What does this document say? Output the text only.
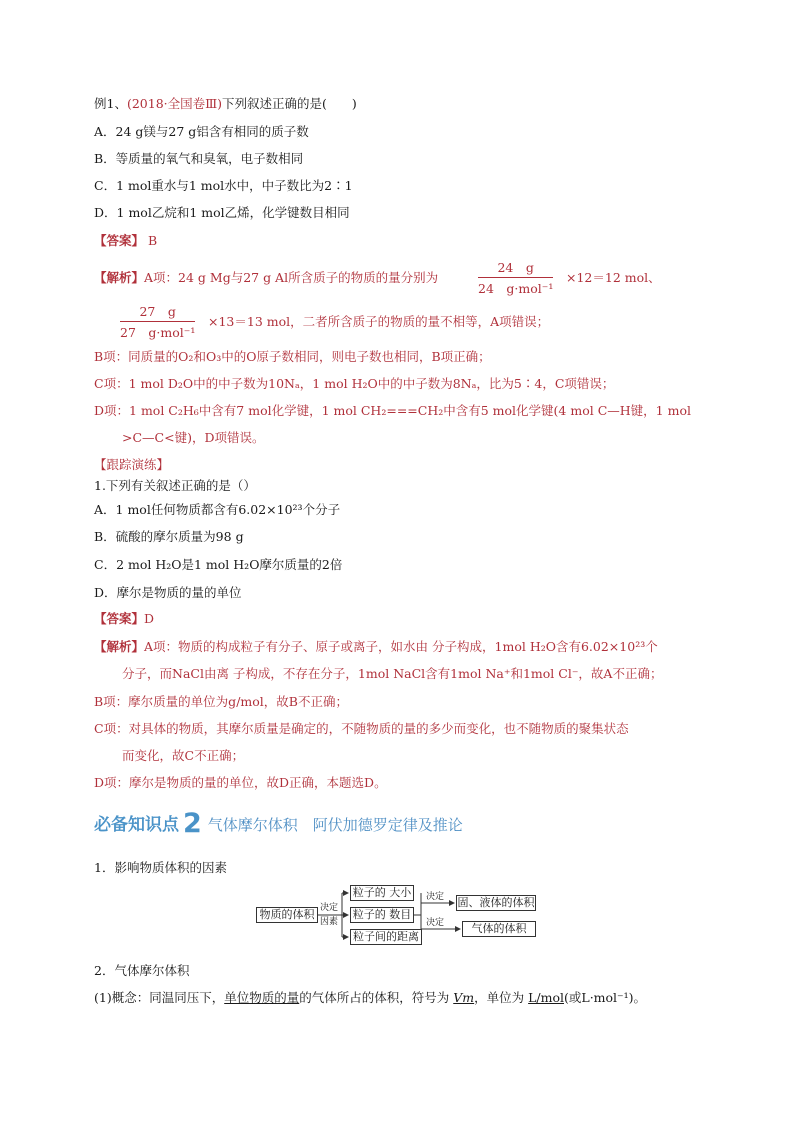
例1、(2018·全国卷Ⅲ)下列叙述正确的是(　　)
A．24 g镁与27 g铝含有相同的质子数
B．等质量的氧气和臭氧，电子数相同
C．1 mol重水与1 mol水中，中子数比为2∶1
D．1 mol乙烷和1 mol乙烯，化学键数目相同
【答案】 B
【解析】A项：24 g Mg与27 g Al所含质子的物质的量分别为
24　g
24　g·mol⁻¹
×12＝12 mol、
27　g
27　g·mol⁻¹
×13＝13 mol，二者所含质子的物质的量不相等，A项错误；
B项：同质量的O₂和O₃中的O原子数相同，则电子数也相同，B项正确；
C项：1 mol D₂O中的中子数为10Nₐ，1 mol H₂O中的中子数为8Nₐ，比为5∶4，C项错误；
D项：1 mol C₂H₆中含有7 mol化学键，1 mol CH₂===CH₂中含有5 mol化学键(4 mol C—H键，1 mol
>C—C<键)，D项错误。
【跟踪演练】
1.下列有关叙述正确的是（）
A．1 mol任何物质都含有6.02×10²³个分子
B．硫酸的摩尔质量为98 g
C．2 mol H₂O是1 mol H₂O摩尔质量的2倍
D．摩尔是物质的量的单位
【答案】D
【解析】A项：物质的构成粒子有分子、原子或离子，如水由 分子构成，1mol H₂O含有6.02×10²³个
分子，而NaCl由离 子构成，不存在分子，1mol NaCl含有1mol Na⁺和1mol Cl⁻，故A不正确；
B项：摩尔质量的单位为g/mol，故B不正确；
C项：对具体的物质，其摩尔质量是确定的，不随物质的量的多少而变化，也不随物质的聚集状态
而变化，故C不正确；
D项：摩尔是物质的量的单位，故D正确，本题选D。
必备知识点 2 气体摩尔体积　阿伏加德罗定律及推论
1．影响物质体积的因素
物质的体积 决定
因素
粒子的 大小
粒子的 数目
粒子间的距离
决定
决定
固、液体的体积
气体的体积
2．气体摩尔体积
(1)概念：同温同压下，单位物质的量的气体所占的体积，符号为 Vm，单位为 L/mol(或L·mol⁻¹)。
